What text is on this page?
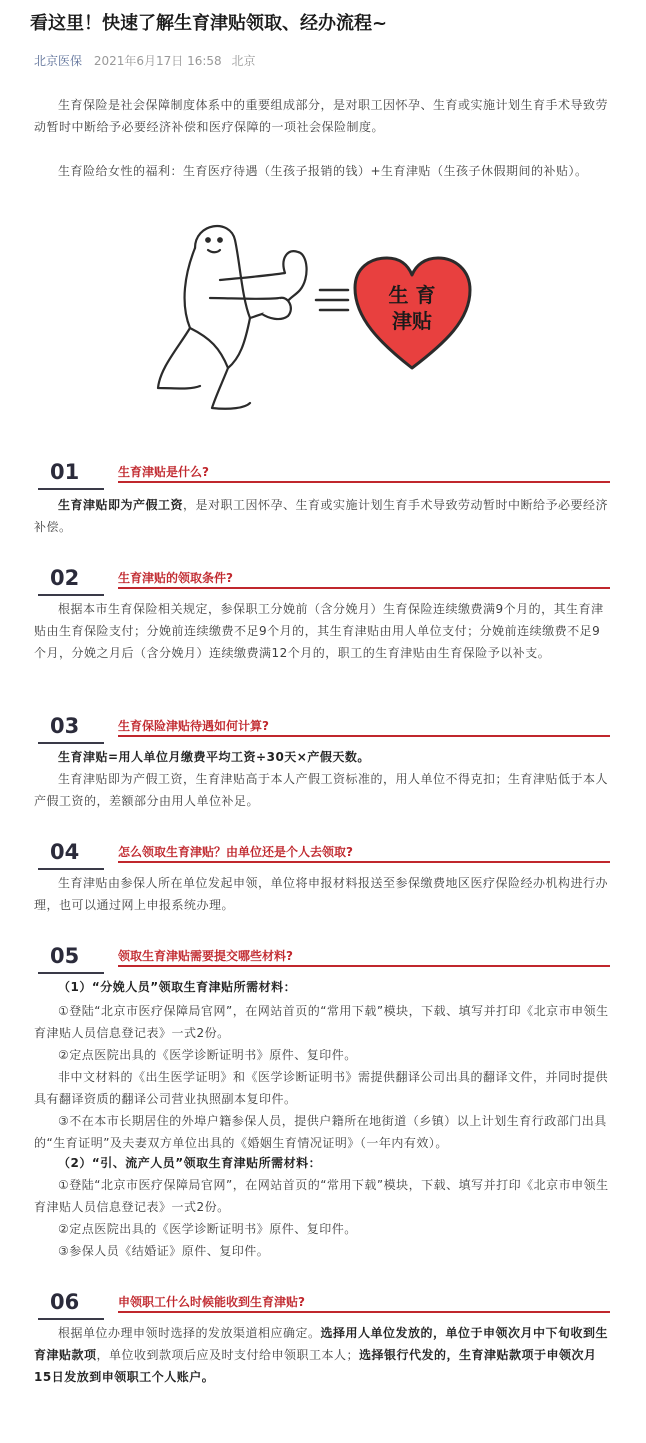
看这里！快速了解生育津贴领取、经办流程~
北京医保 2021年6月17日 16:58 北京
生育保险是社会保障制度体系中的重要组成部分，是对职工因怀孕、生育或实施计划生育手术导致劳动暂时中断给予必要经济补偿和医疗保障的一项社会保险制度。
生育险给女性的福利：生育医疗待遇（生孩子报销的钱）+生育津贴（生孩子休假期间的补贴）。
生 育
津贴
01	生育津贴是什么?
生育津贴即为产假工资，是对职工因怀孕、生育或实施计划生育手术导致劳动暂时中断给予必要经济补偿。
02	生育津贴的领取条件?
根据本市生育保险相关规定，参保职工分娩前（含分娩月）生育保险连续缴费满9个月的，其生育津贴由生育保险支付；分娩前连续缴费不足9个月的，其生育津贴由用人单位支付；分娩前连续缴费不足9个月，分娩之月后（含分娩月）连续缴费满12个月的，职工的生育津贴由生育保险予以补支。
03	生育保险津贴待遇如何计算?
生育津贴=用人单位月缴费平均工资÷30天×产假天数。
生育津贴即为产假工资，生育津贴高于本人产假工资标准的，用人单位不得克扣；生育津贴低于本人产假工资的，差额部分由用人单位补足。
04	怎么领取生育津贴？由单位还是个人去领取?
生育津贴由参保人所在单位发起申领，单位将申报材料报送至参保缴费地区医疗保险经办机构进行办理，也可以通过网上申报系统办理。
05	领取生育津贴需要提交哪些材料?
（1）“分娩人员”领取生育津贴所需材料：
①登陆“北京市医疗保障局官网”，在网站首页的“常用下载”模块，下载、填写并打印《北京市申领生育津贴人员信息登记表》一式2份。
②定点医院出具的《医学诊断证明书》原件、复印件。
非中文材料的《出生医学证明》和《医学诊断证明书》需提供翻译公司出具的翻译文件，并同时提供具有翻译资质的翻译公司营业执照副本复印件。
③不在本市长期居住的外埠户籍参保人员，提供户籍所在地街道（乡镇）以上计划生育行政部门出具的“生育证明”及夫妻双方单位出具的《婚姻生育情况证明》（一年内有效）。
（2）“引、流产人员”领取生育津贴所需材料：
①登陆“北京市医疗保障局官网”，在网站首页的“常用下载”模块，下载、填写并打印《北京市申领生育津贴人员信息登记表》一式2份。
②定点医院出具的《医学诊断证明书》原件、复印件。
③参保人员《结婚证》原件、复印件。
06	申领职工什么时候能收到生育津贴?
根据单位办理申领时选择的发放渠道相应确定。选择用人单位发放的，单位于申领次月中下旬收到生育津贴款项，单位收到款项后应及时支付给申领职工本人；选择银行代发的，生育津贴款项于申领次月15日发放到申领职工个人账户。
